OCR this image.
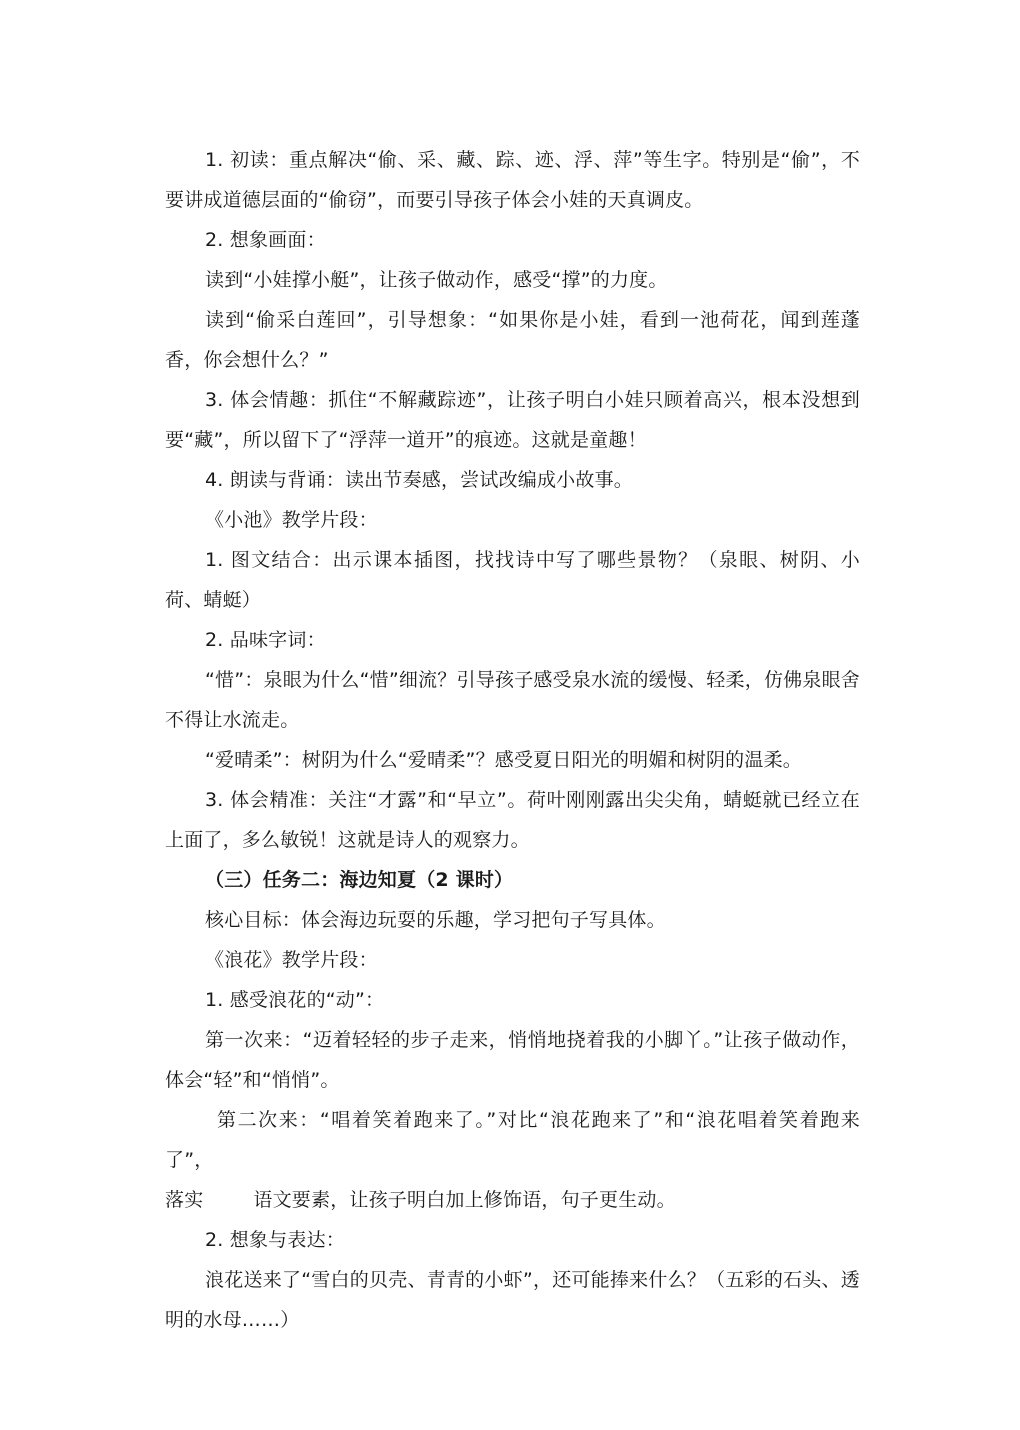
1. 初读：重点解决“偷、采、藏、踪、迹、浮、萍”等生字。特别是“偷”，不要讲成道德层面的“偷窃”，而要引导孩子体会小娃的天真调皮。

2. 想象画面：

读到“小娃撑小艇”，让孩子做动作，感受“撑”的力度。

读到“偷采白莲回”，引导想象：“如果你是小娃，看到一池荷花，闻到莲蓬香，你会想什么？”

3. 体会情趣：抓住“不解藏踪迹”，让孩子明白小娃只顾着高兴，根本没想到要“藏”，所以留下了“浮萍一道开”的痕迹。这就是童趣！

4. 朗读与背诵：读出节奏感，尝试改编成小故事。

《小池》教学片段：

1. 图文结合：出示课本插图，找找诗中写了哪些景物？（泉眼、树阴、小荷、蜻蜓）

2. 品味字词：

“惜”：泉眼为什么“惜”细流？引导孩子感受泉水流的缓慢、轻柔，仿佛泉眼舍不得让水流走。

“爱晴柔”：树阴为什么“爱晴柔”？感受夏日阳光的明媚和树阴的温柔。

3. 体会精准：关注“才露”和“早立”。荷叶刚刚露出尖尖角，蜻蜓就已经立在上面了，多么敏锐！这就是诗人的观察力。

（三）任务二：海边知夏（2 课时）

核心目标：体会海边玩耍的乐趣，学习把句子写具体。

《浪花》教学片段：

1. 感受浪花的“动”：

第一次来：“迈着轻轻的步子走来，悄悄地挠着我的小脚丫。”让孩子做动作，体会“轻”和“悄悄”。

第二次来：“唱着笑着跑来了。”对比“浪花跑来了”和“浪花唱着笑着跑来了”，
落实	语文要素，让孩子明白加上修饰语，句子更生动。

2. 想象与表达：

浪花送来了“雪白的贝壳、青青的小虾”，还可能捧来什么？（五彩的石头、透明的水母……）
